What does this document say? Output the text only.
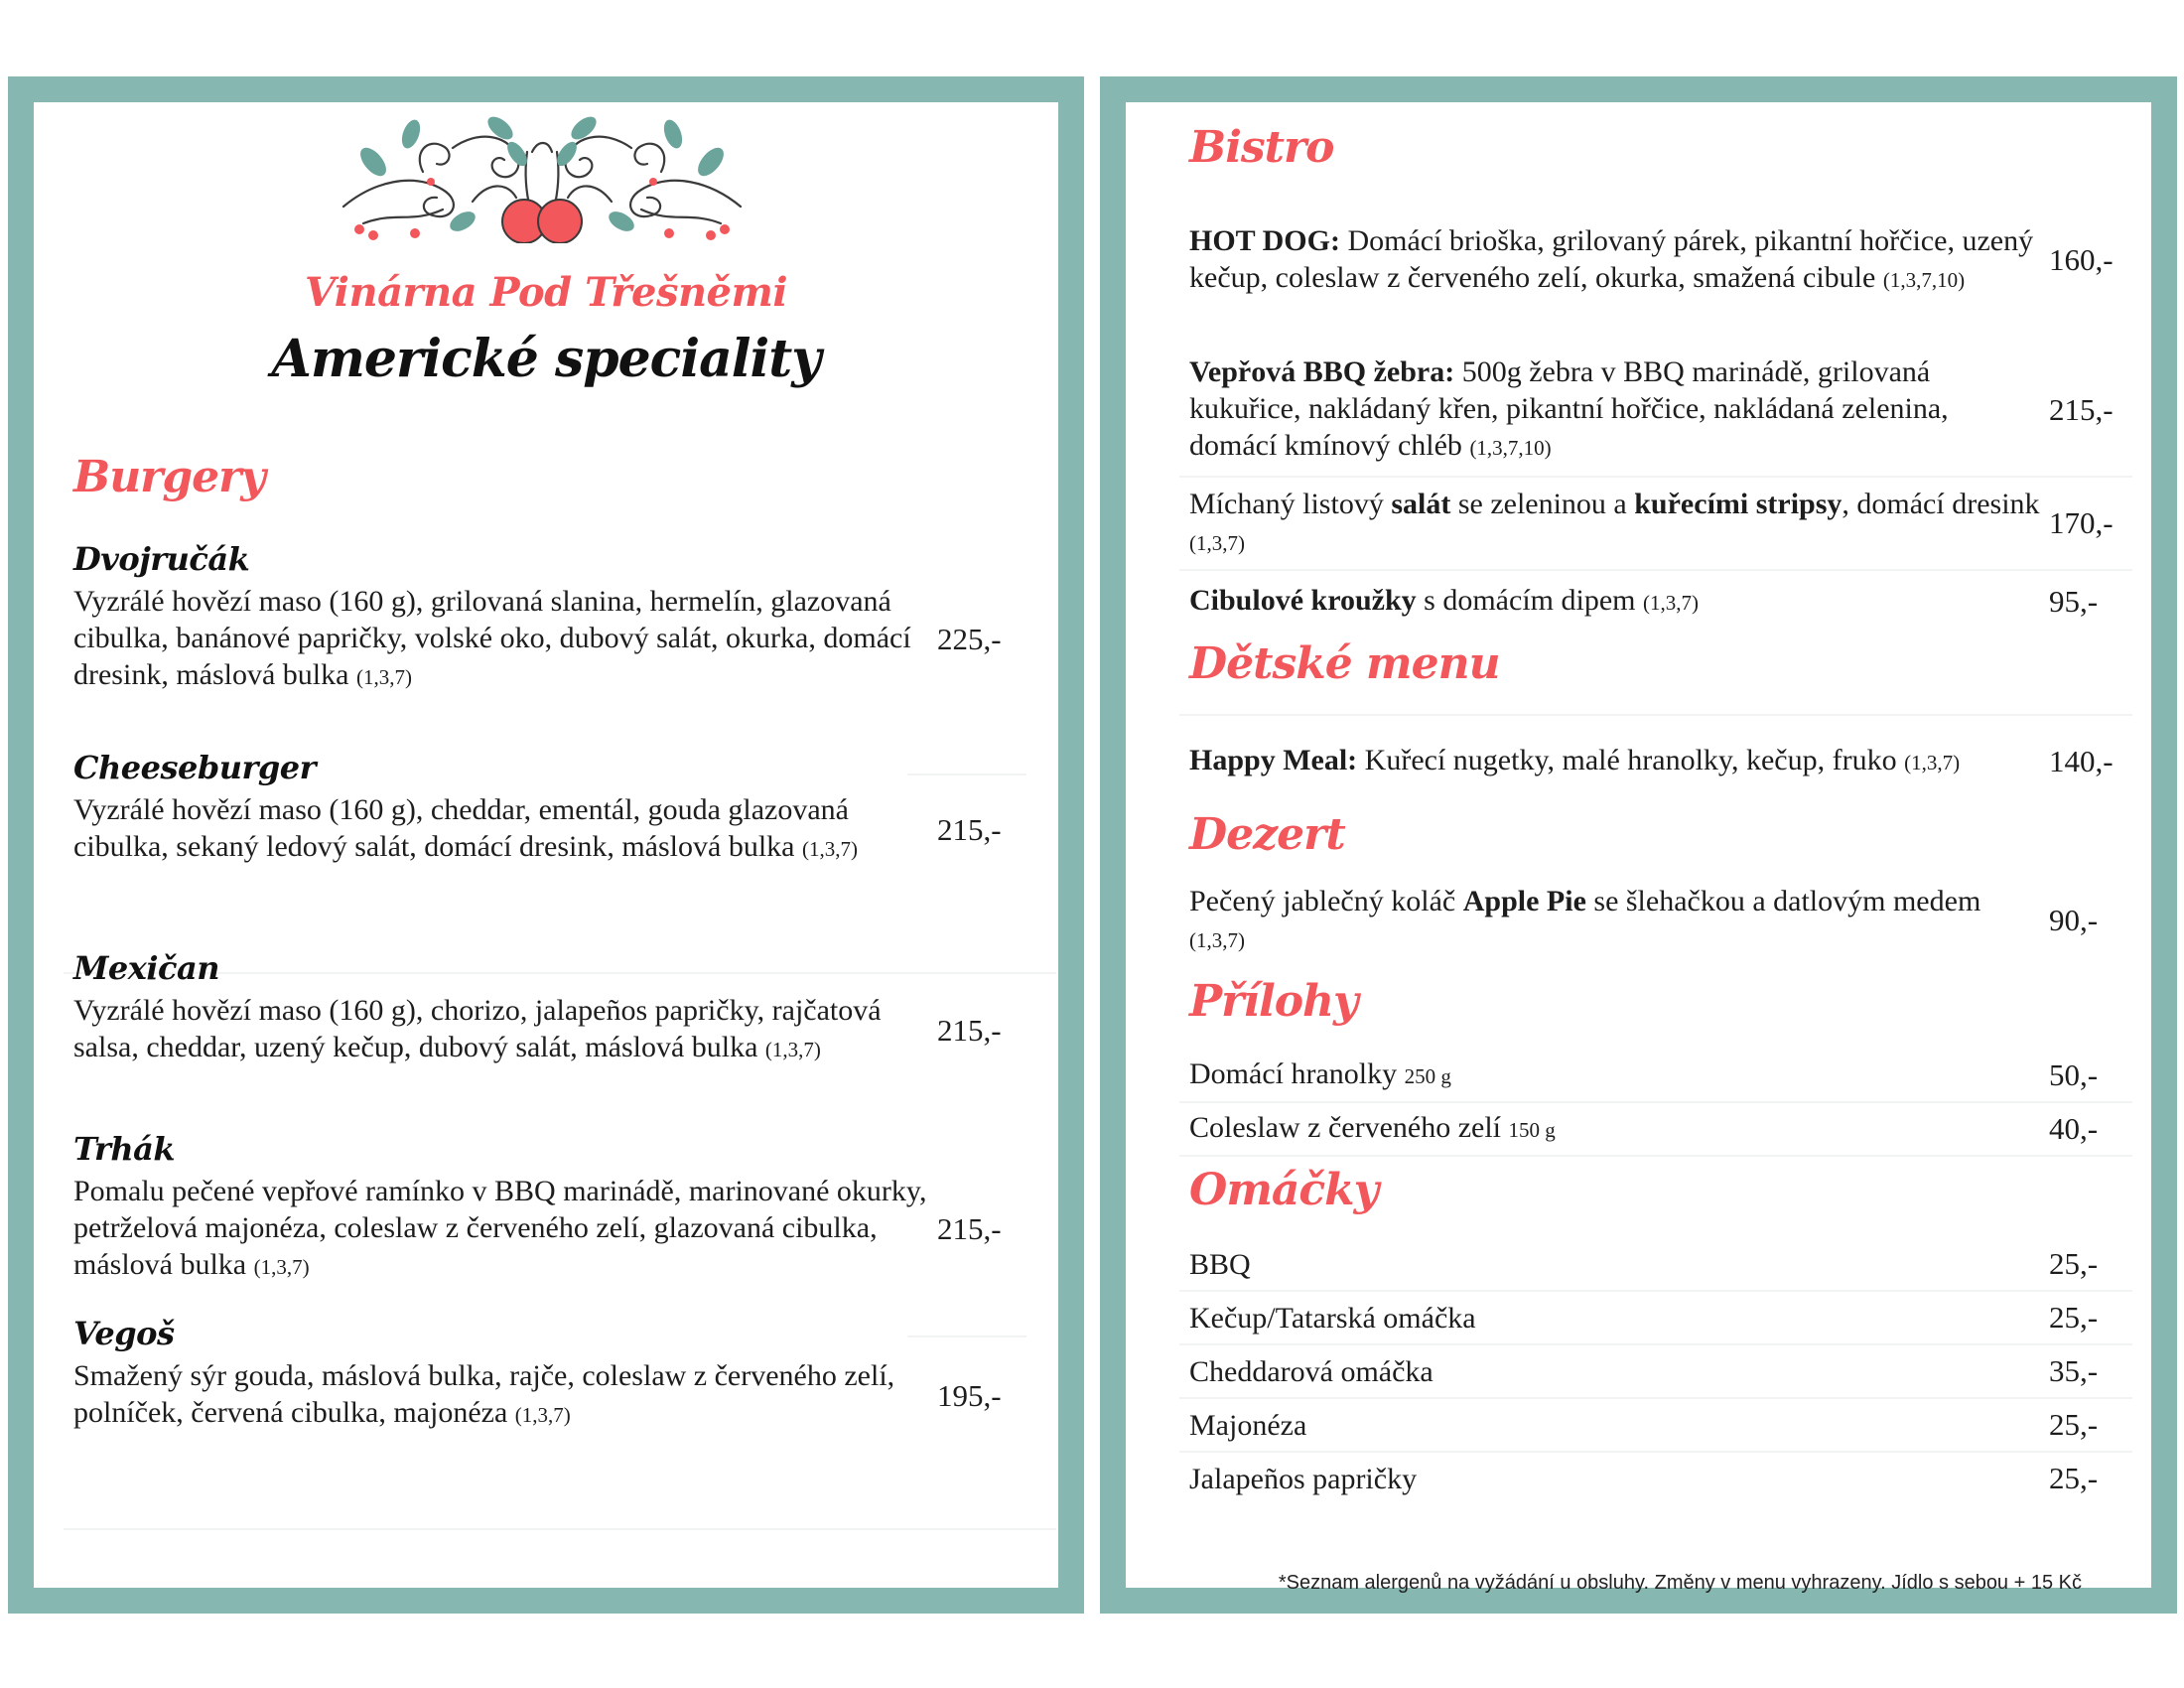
Vinárna Pod Třešněmi
Americké speciality
Burgery
Dvojručák
Vyzrálé hovězí maso (160 g), grilovaná slanina, hermelín, glazovaná cibulka, banánové papričky, volské oko, dubový salát, okurka, domácí dresink, máslová bulka (1,3,7)
225,-
Cheeseburger
Vyzrálé hovězí maso (160 g), cheddar, ementál, gouda glazovaná cibulka, sekaný ledový salát, domácí dresink, máslová bulka (1,3,7)
215,-
Mexičan
Vyzrálé hovězí maso (160 g), chorizo, jalapeños papričky, rajčatová salsa, cheddar, uzený kečup, dubový salát, máslová bulka (1,3,7)
215,-
Trhák
Pomalu pečené vepřové ramínko v BBQ marinádě, marinované okurky, petrželová majonéza, coleslaw z červeného zelí, glazovaná cibulka, máslová bulka (1,3,7)
215,-
Vegoš
Smažený sýr gouda, máslová bulka, rajče, coleslaw z červeného zelí, polníček, červená cibulka, majonéza (1,3,7)
195,-
Bistro
HOT DOG: Domácí brioška, grilovaný párek, pikantní hořčice, uzený kečup, coleslaw z červeného zelí, okurka, smažená cibule (1,3,7,10)
160,-
Vepřová BBQ žebra: 500g žebra v BBQ marinádě, grilovaná kukuřice, nakládaný křen, pikantní hořčice, nakládaná zelenina, domácí kmínový chléb (1,3,7,10)
215,-
Míchaný listový salát se zeleninou a kuřecími stripsy, domácí dresink (1,3,7)
170,-
Cibulové kroužky s domácím dipem (1,3,7)	95,-
Dětské menu
Happy Meal: Kuřecí nugetky, malé hranolky, kečup, fruko (1,3,7)	140,-
Dezert
Pečený jablečný koláč Apple Pie se šlehačkou a datlovým medem (1,3,7)
90,-
Přílohy
Domácí hranolky 250 g	50,-
Coleslaw z červeného zelí 150 g	40,-
Omáčky
BBQ	25,-
Kečup/Tatarská omáčka	25,-
Cheddarová omáčka	35,-
Majonéza	25,-
Jalapeños papričky	25,-
*Seznam alergenů na vyžádání u obsluhy. Změny v menu vyhrazeny. Jídlo s sebou + 15 Kč
